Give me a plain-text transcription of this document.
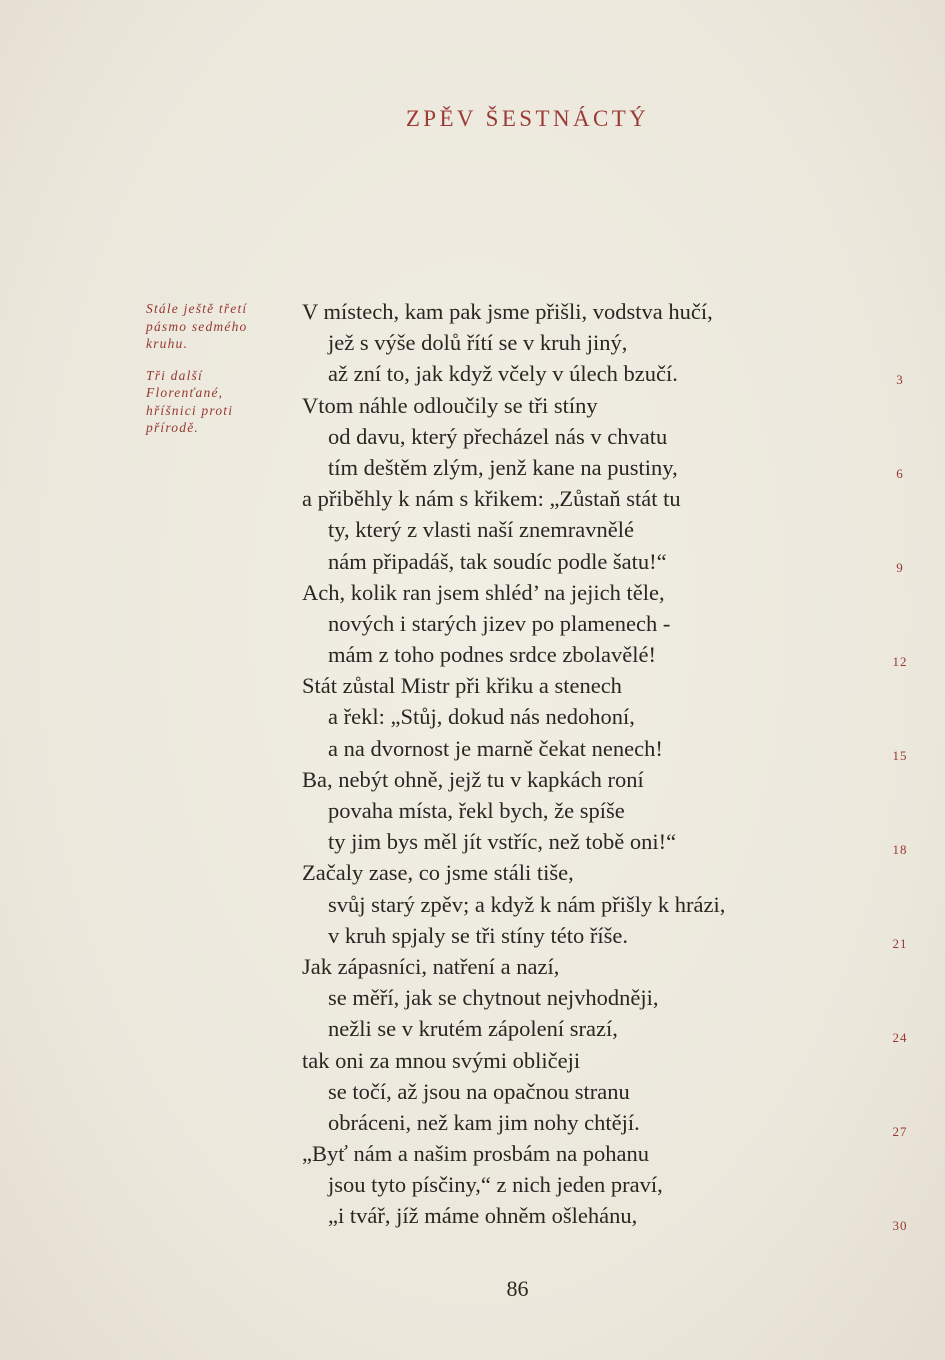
ZPĚV ŠESTNÁCTÝ
Stále ještě třetí
pásmo sedmého
kruhu.
Tři další
Florenťané,
hříšnici proti
přírodě.
V místech, kam pak jsme přišli, vodstva hučí,
jež s výše dolů řítí se v kruh jiný,
až zní to, jak když včely v úlech bzučí.
Vtom náhle odloučily se tři stíny
od davu, který přecházel nás v chvatu
tím deštěm zlým, jenž kane na pustiny,
a přiběhly k nám s křikem: „Zůstaň stát tu
ty, který z vlasti naší znemravnělé
nám připadáš, tak soudíc podle šatu!“
Ach, kolik ran jsem shléd’ na jejich těle,
nových i starých jizev po plamenech -
mám z toho podnes srdce zbolavělé!
Stát zůstal Mistr při křiku a stenech
a řekl: „Stůj, dokud nás nedohoní,
a na dvornost je marně čekat nenech!
Ba, nebýt ohně, jejž tu v kapkách roní
povaha místa, řekl bych, že spíše
ty jim bys měl jít vstříc, než tobě oni!“
Začaly zase, co jsme stáli tiše,
svůj starý zpěv; a když k nám přišly k hrázi,
v kruh spjaly se tři stíny této říše.
Jak zápasníci, natření a nazí,
se měří, jak se chytnout nejvhodněji,
nežli se v krutém zápolení srazí,
tak oni za mnou svými obličeji
se točí, až jsou na opačnou stranu
obráceni, než kam jim nohy chtějí.
„Byť nám a našim prosbám na pohanu
jsou tyto písčiny,“ z nich jeden praví,
„i tvář, jíž máme ohněm ošlehánu,
3
6
9
12
15
18
21
24
27
30
86
